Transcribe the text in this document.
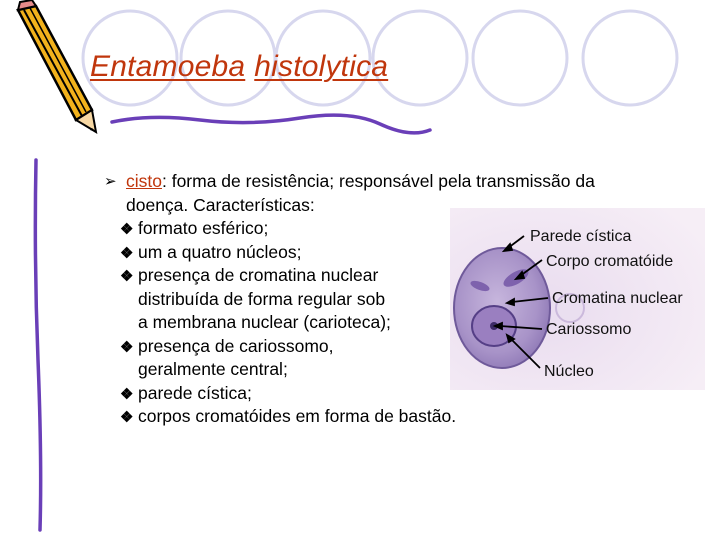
Entamoeba histolytica
➢ cisto: forma de resistência; responsável pela transmissão da
doença. Características:
❖ formato esférico;
❖ um a quatro núcleos;
❖ presença de cromatina nuclear
distribuída de forma regular sob
a membrana nuclear (carioteca);
❖ presença de cariossomo,
geralmente central;
❖ parede cística;
❖ corpos cromatóides em forma de bastão.
Parede cística
Corpo cromatóide
Cromatina nuclear
Cariossomo
Núcleo
